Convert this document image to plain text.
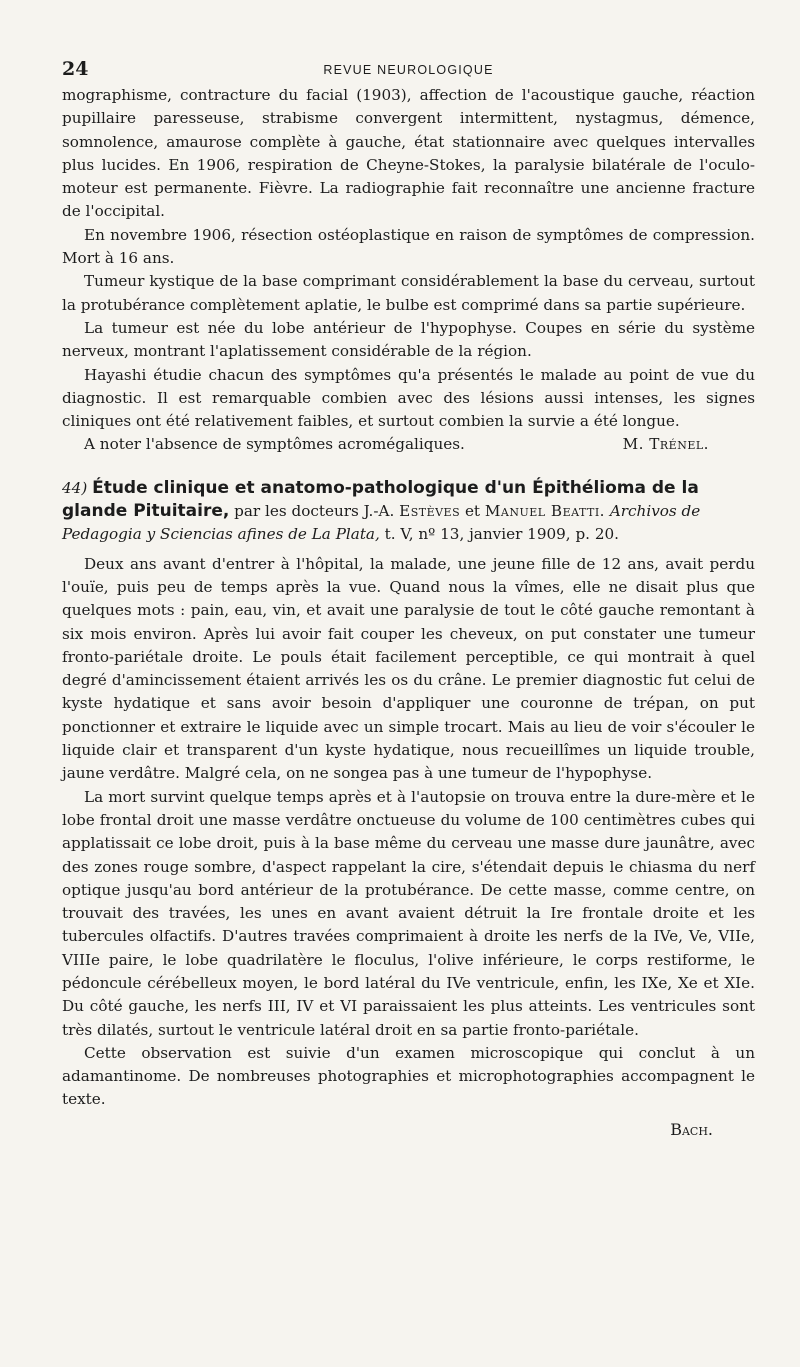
24	REVUE NEUROLOGIQUE

mographisme, contracture du facial (1903), affection de l'acoustique gauche, réaction pupillaire paresseuse, strabisme convergent intermittent, nystagmus, démence, somnolence, amaurose complète à gauche, état stationnaire avec quelques intervalles plus lucides. En 1906, respiration de Cheyne-Stokes, la paralysie bilatérale de l'oculo-moteur est permanente. Fièvre. La radiographie fait reconnaître une ancienne fracture de l'occipital.

En novembre 1906, résection ostéoplastique en raison de symptômes de compression. Mort à 16 ans.

Tumeur kystique de la base comprimant considérablement la base du cerveau, surtout la protubérance complètement aplatie, le bulbe est comprimé dans sa partie supérieure.

La tumeur est née du lobe antérieur de l'hypophyse. Coupes en série du système nerveux, montrant l'aplatissement considérable de la région.

Hayashi étudie chacun des symptômes qu'a présentés le malade au point de vue du diagnostic. Il est remarquable combien avec des lésions aussi intenses, les signes cliniques ont été relativement faibles, et surtout combien la survie a été longue.

A noter l'absence de symptômes acromégaliques.	M. Trénel.

44) Étude clinique et anatomo-pathologique d'un Épithélioma de la glande Pituitaire, par les docteurs J.-A. Estèves et Manuel Beatti. Archivos de Pedagogia y Sciencias afines de La Plata, t. V, nº 13, janvier 1909, p. 20.

Deux ans avant d'entrer à l'hôpital, la malade, une jeune fille de 12 ans, avait perdu l'ouïe, puis peu de temps après la vue. Quand nous la vîmes, elle ne disait plus que quelques mots : pain, eau, vin, et avait une paralysie de tout le côté gauche remontant à six mois environ. Après lui avoir fait couper les cheveux, on put constater une tumeur fronto-pariétale droite. Le pouls était facilement perceptible, ce qui montrait à quel degré d'amincissement étaient arrivés les os du crâne. Le premier diagnostic fut celui de kyste hydatique et sans avoir besoin d'appliquer une couronne de trépan, on put ponctionner et extraire le liquide avec un simple trocart. Mais au lieu de voir s'écouler le liquide clair et transparent d'un kyste hydatique, nous recueillîmes un liquide trouble, jaune verdâtre. Malgré cela, on ne songea pas à une tumeur de l'hypophyse.

La mort survint quelque temps après et à l'autopsie on trouva entre la dure-mère et le lobe frontal droit une masse verdâtre onctueuse du volume de 100 centimètres cubes qui applatissait ce lobe droit, puis à la base même du cerveau une masse dure jaunâtre, avec des zones rouge sombre, d'aspect rappelant la cire, s'étendait depuis le chiasma du nerf optique jusqu'au bord antérieur de la protubérance. De cette masse, comme centre, on trouvait des travées, les unes en avant avaient détruit la Ire frontale droite et les tubercules olfactifs. D'autres travées comprimaient à droite les nerfs de la IVe, Ve, VIIe, VIIIe paire, le lobe quadrilatère le floculus, l'olive inférieure, le corps restiforme, le pédoncule cérébelleux moyen, le bord latéral du IVe ventricule, enfin, les IXe, Xe et XIe. Du côté gauche, les nerfs III, IV et VI paraissaient les plus atteints. Les ventricules sont très dilatés, surtout le ventricule latéral droit en sa partie fronto-pariétale.

Cette observation est suivie d'un examen microscopique qui conclut à un adamantinome. De nombreuses photographies et microphotographies accompagnent le texte.

Bach.
